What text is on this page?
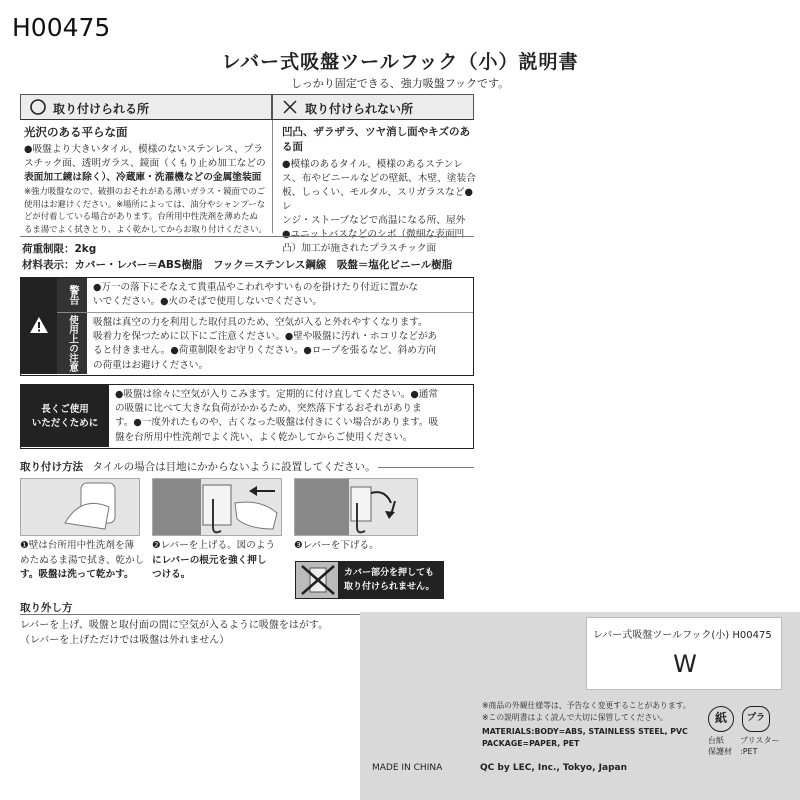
H00475
レバー式吸盤ツールフック（小）説明書
しっかり固定できる、強力吸盤フックです。
取り付けられる所	取り付けられない所
光沢のある平らな面
●吸盤より大きいタイル、模様のないステンレス、プラ
スチック面、透明ガラス、鏡面（くもり止め加工などの
表面加工鏡は除く）、冷蔵庫・洗濯機などの金属塗装面
※強力吸盤なので、破損のおそれがある薄いガラス・鏡面でのご
使用はお避けください。※場所によっては、油分やシャンプーな
どが付着している場合があります。台所用中性洗剤を薄めたぬ
るま湯でよく拭きとり、よく乾かしてからお取り付けください。
凹凸、ザラザラ、ツヤ消し面やキズのある面
●模様のあるタイル、模様のあるステンレ
ス、布やビニールなどの壁紙、木壁、塗装合
板、しっくい、モルタル、スリガラスなど●レ
ンジ・ストーブなどで高温になる所、屋外
●ユニットバスなどのシボ（微細な表面凹
凸）加工が施されたプラスチック面
荷重制限：2kg
材料表示：カバー・レバー＝ABS樹脂　フック＝ステンレス鋼線　吸盤＝塩化ビニール樹脂
警告
使用上の注意
●万一の落下にそなえて貴重品やこわれやすいものを掛けたり付近に置かな
いでください。●火のそばで使用しないでください。
吸盤は真空の力を利用した取付具のため、空気が入ると外れやすくなります。
吸着力を保つために以下にご注意ください。●壁や吸盤に汚れ・ホコリなどがあ
ると付きません。●荷重制限をお守りください。●ロープを張るなど、斜め方向
の荷重はお避けください。
長くご使用
いただくために
●吸盤は徐々に空気が入りこみます。定期的に付け直してください。●通常
の吸盤に比べて大きな負荷がかかるため、突然落下するおそれがありま
す。●一度外れたものや、古くなった吸盤は付きにくい場合があります。吸
盤を台所用中性洗剤でよく洗い、よく乾かしてからご使用ください。
取り付け方法 タイルの場合は目地にかからないように設置してください。
❶壁は台所用中性洗剤を薄
めたぬるま湯で拭き、乾かし
す。吸盤は洗って乾かす。
❷レバーを上げる。図のよう
にレバーの根元を強く押し
つける。
❸レバーを下げる。
カバー部分を押しても
取り付けられません。
取り外し方
レバーを上げ、吸盤と取付面の間に空気が入るように吸盤をはがす。
（レバーを上げただけでは吸盤は外れません）	レバー式吸盤ツールフック(小) H00475
W
※商品の外観仕様等は、予告なく変更することがあります。
※この説明書はよく読んで大切に保管してください。
MATERIALS:BODY=ABS, STAINLESS STEEL, PVC
PACKAGE=PAPER, PET
紙
台紙
保護材
プラ
ブリスター
:PET
MADE IN CHINA	QC by LEC, Inc., Tokyo, Japan
